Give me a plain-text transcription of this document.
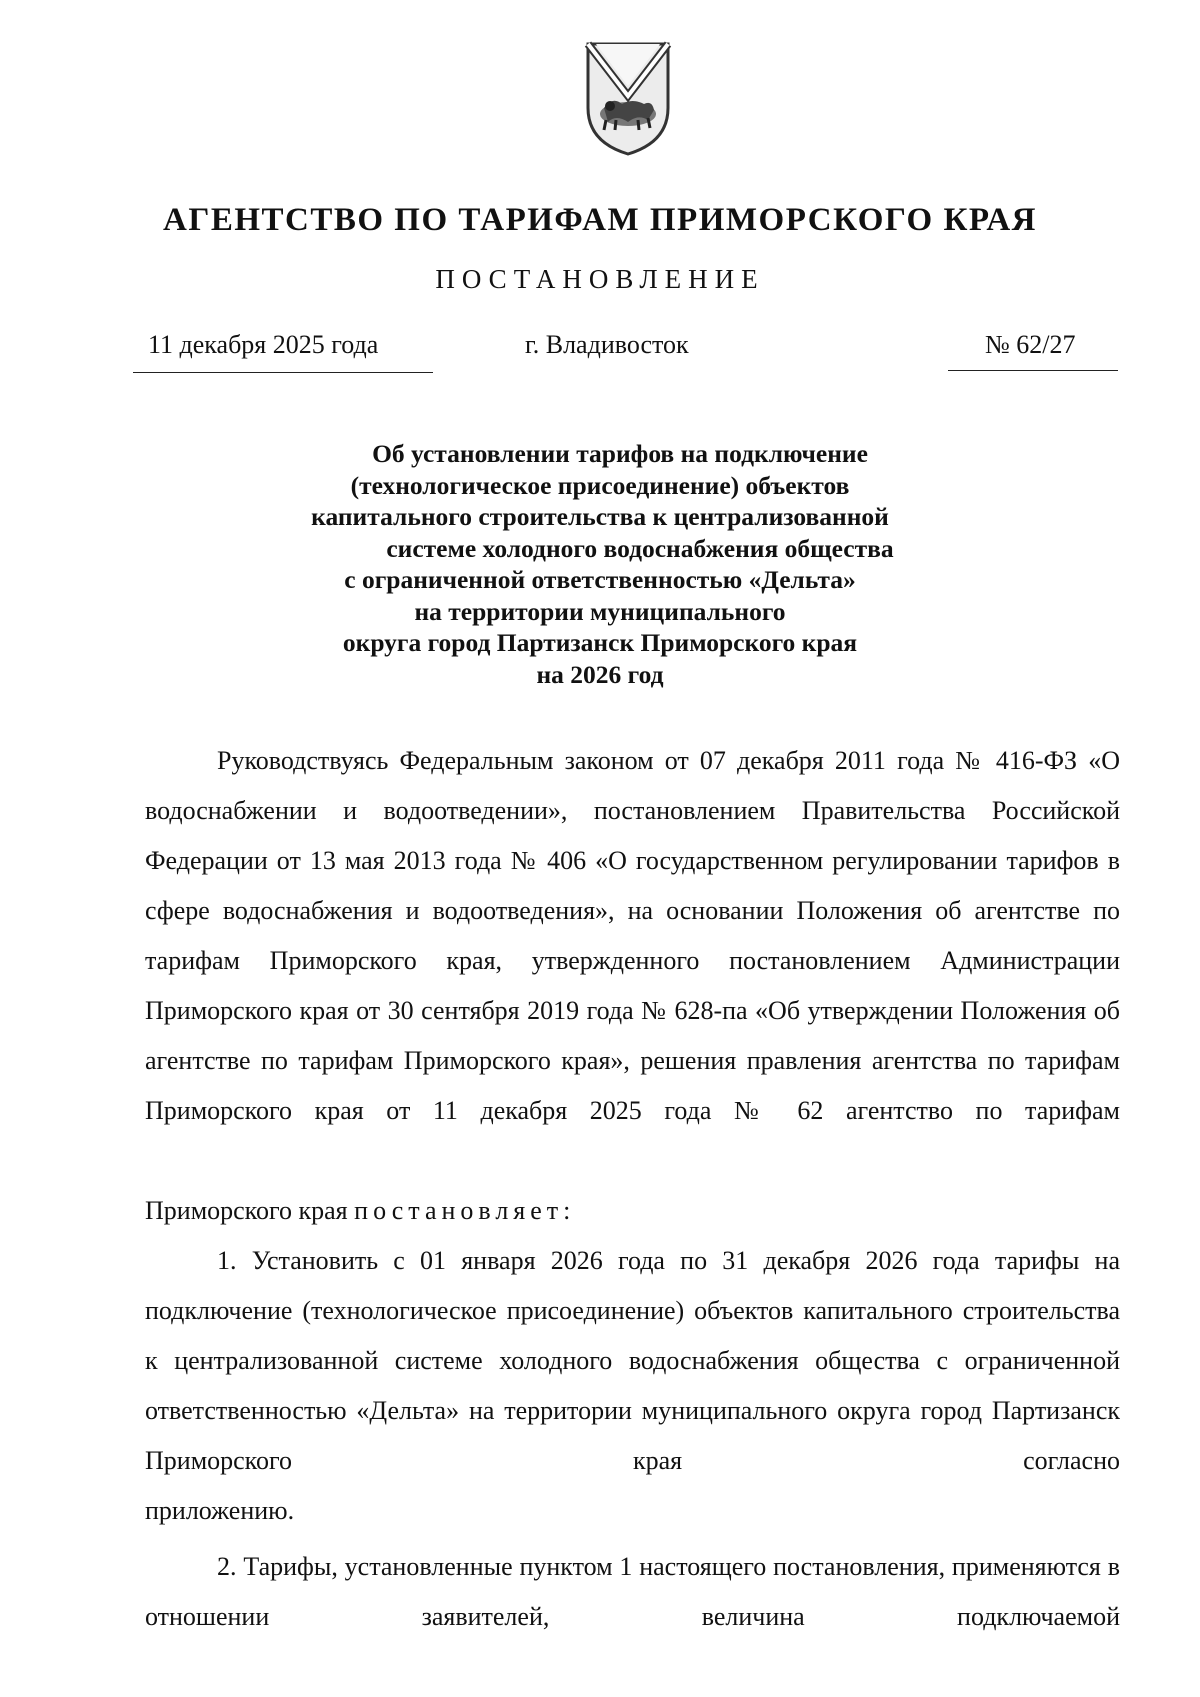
АГЕНТСТВО ПО ТАРИФАМ ПРИМОРСКОГО КРАЯ
ПОСТАНОВЛЕНИЕ
11 декабря 2025 года	г. Владивосток	№ 62/27
Об установлении тарифов на подключение
(технологическое присоединение) объектов
капитального строительства к централизованной
системе холодного водоснабжения общества
с ограниченной ответственностью «Дельта»
на территории муниципального
округа город Партизанск Приморского края
на 2026 год

Руководствуясь Федеральным законом от 07 декабря 2011 года № 416-ФЗ «О водоснабжении и водоотведении», постановлением Правительства Российской Федерации от 13 мая 2013 года № 406 «О государственном регулировании тарифов в сфере водоснабжения и водоотведения», на основании Положения об агентстве по тарифам Приморского края, утвержденного постановлением Администрации Приморского края от 30 сентября 2019 года № 628-па «Об утверждении Положения об агентстве по тарифам Приморского края», решения правления агентства по тарифам Приморского края от 11 декабря 2025 года № 62 агентство по тарифам

Приморского края постановляет:

1. Установить с 01 января 2026 года по 31 декабря 2026 года тарифы на подключение (технологическое присоединение) объектов капитального строительства к централизованной системе холодного водоснабжения общества с ограниченной ответственностью «Дельта» на территории муниципального округа город Партизанск Приморского края согласно

приложению.

2. Тарифы, установленные пунктом 1 настоящего постановления, применяются в отношении заявителей, величина подключаемой
